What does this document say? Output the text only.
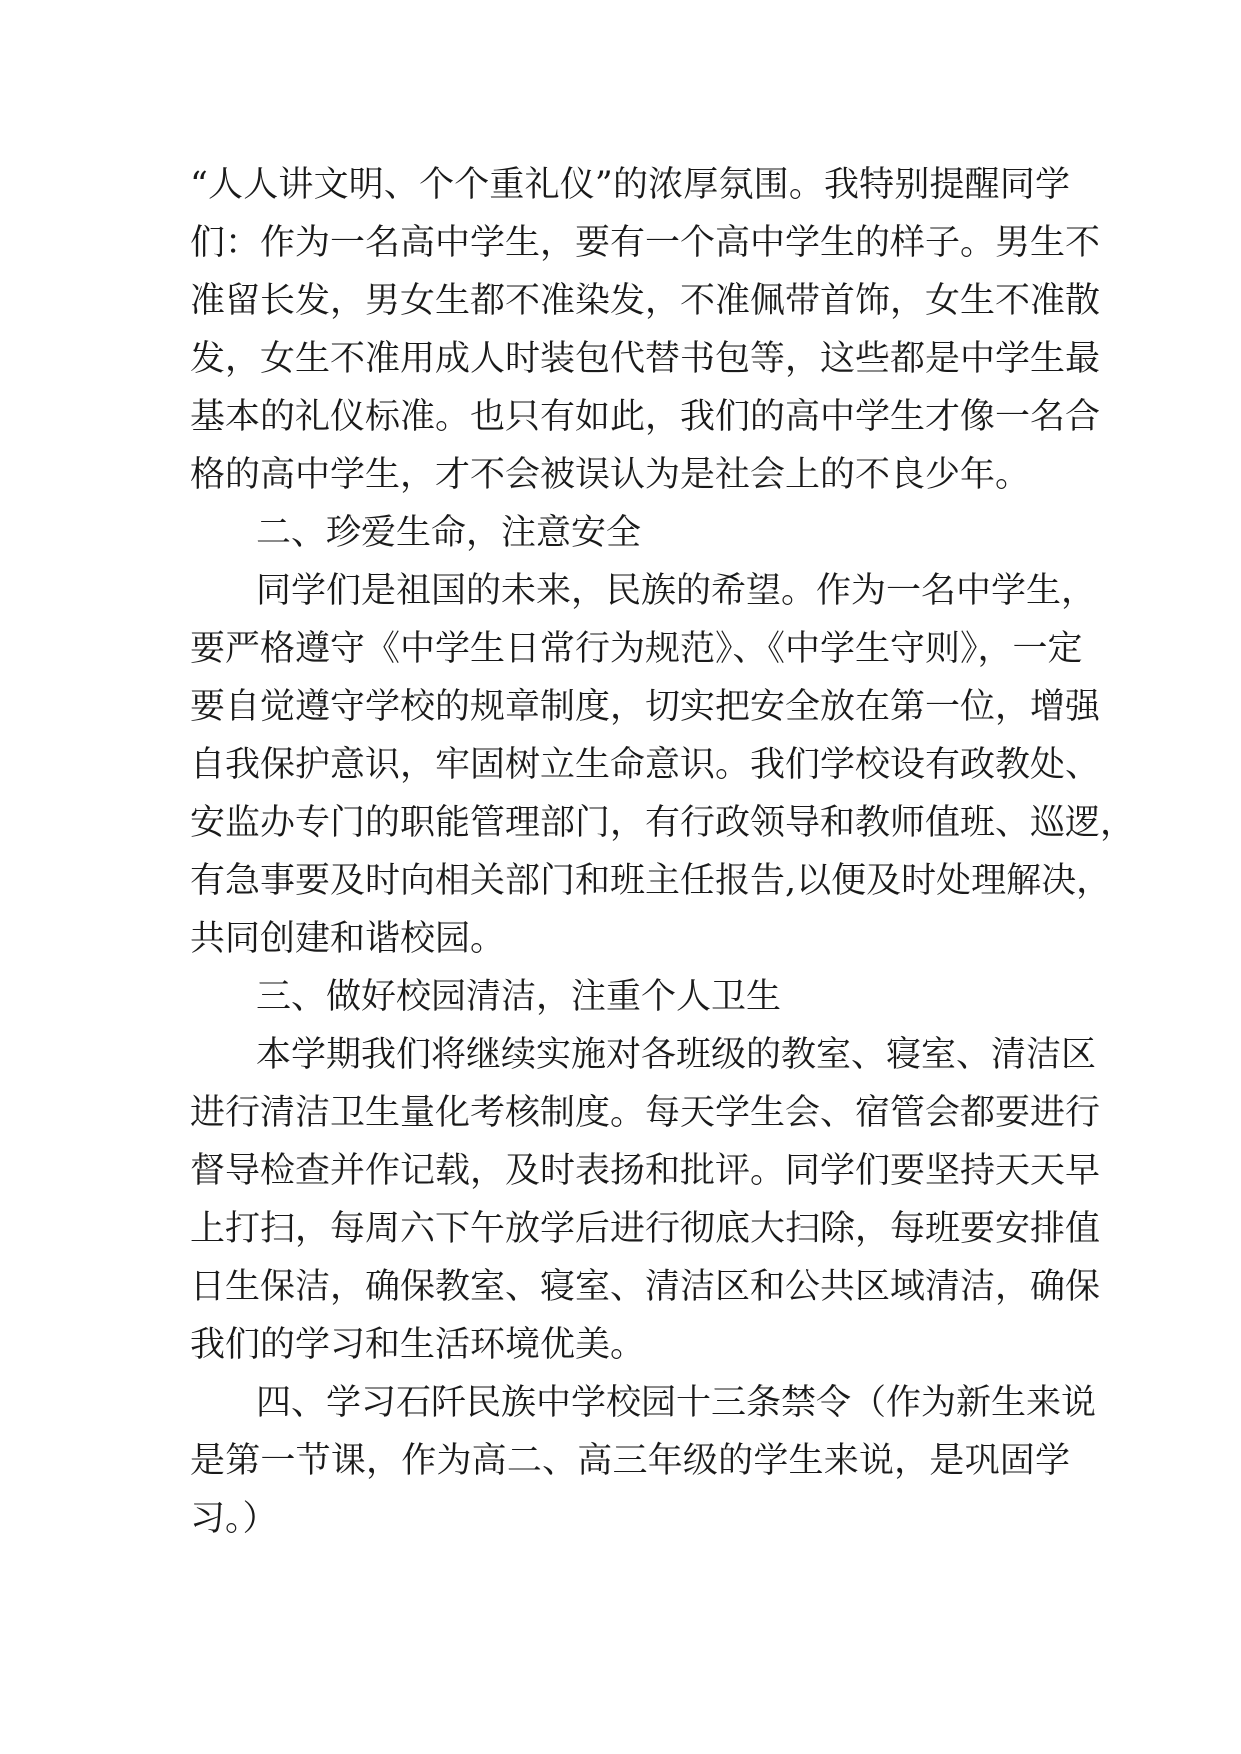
“人人讲文明、个个重礼仪”的浓厚氛围。我特别提醒同学
们：作为一名高中学生，要有一个高中学生的样子。男生不
准留长发，男女生都不准染发，不准佩带首饰，女生不准散
发，女生不准用成人时装包代替书包等，这些都是中学生最
基本的礼仪标准。也只有如此，我们的高中学生才像一名合
格的高中学生，才不会被误认为是社会上的不良少年。
二、珍爱生命，注意安全
同学们是祖国的未来，民族的希望。作为一名中学生，
要严格遵守《中学生日常行为规范》、《中学生守则》，一定
要自觉遵守学校的规章制度，切实把安全放在第一位，增强
自我保护意识，牢固树立生命意识。我们学校设有政教处、
安监办专门的职能管理部门，有行政领导和教师值班、巡逻，
有急事要及时向相关部门和班主任报告,以便及时处理解决，
共同创建和谐校园。
三、做好校园清洁，注重个人卫生
本学期我们将继续实施对各班级的教室、寝室、清洁区
进行清洁卫生量化考核制度。每天学生会、宿管会都要进行
督导检查并作记载，及时表扬和批评。同学们要坚持天天早
上打扫，每周六下午放学后进行彻底大扫除，每班要安排值
日生保洁，确保教室、寝室、清洁区和公共区域清洁，确保
我们的学习和生活环境优美。
四、学习石阡民族中学校园十三条禁令（作为新生来说
是第一节课，作为高二、高三年级的学生来说，是巩固学
习。）
